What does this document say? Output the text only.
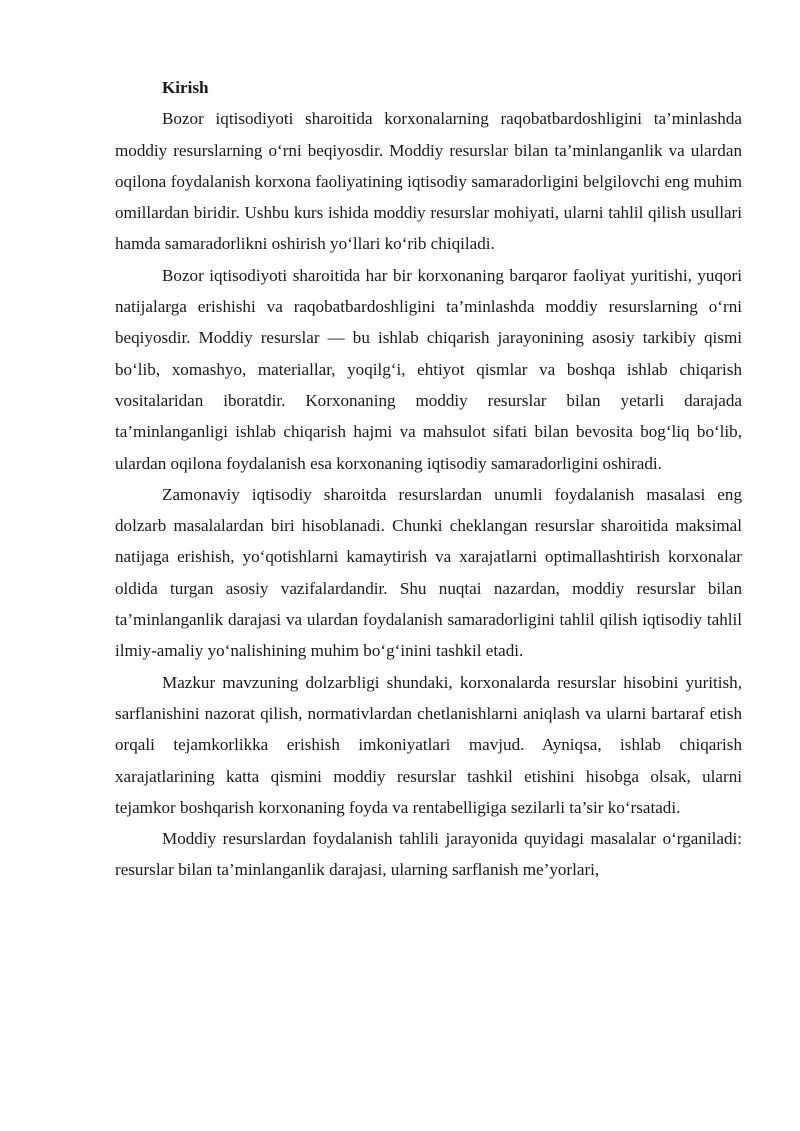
Kirish

Bozor iqtisodiyoti sharoitida korxonalarning raqobatbardoshligini ta’minlashda moddiy resurslarning o‘rni beqiyosdir. Moddiy resurslar bilan ta’minlanganlik va ulardan oqilona foydalanish korxona faoliyatining iqtisodiy samaradorligini belgilovchi eng muhim omillardan biridir. Ushbu kurs ishida moddiy resurslar mohiyati, ularni tahlil qilish usullari hamda samaradorlikni oshirish yo‘llari ko‘rib chiqiladi.

Bozor iqtisodiyoti sharoitida har bir korxonaning barqaror faoliyat yuritishi, yuqori natijalarga erishishi va raqobatbardoshligini ta’minlashda moddiy resurslarning o‘rni beqiyosdir. Moddiy resurslar — bu ishlab chiqarish jarayonining asosiy tarkibiy qismi bo‘lib, xomashyo, materiallar, yoqilg‘i, ehtiyot qismlar va boshqa ishlab chiqarish vositalaridan iboratdir. Korxonaning moddiy resurslar bilan yetarli darajada ta’minlanganligi ishlab chiqarish hajmi va mahsulot sifati bilan bevosita bog‘liq bo‘lib, ulardan oqilona foydalanish esa korxonaning iqtisodiy samaradorligini oshiradi.

Zamonaviy iqtisodiy sharoitda resurslardan unumli foydalanish masalasi eng dolzarb masalalardan biri hisoblanadi. Chunki cheklangan resurslar sharoitida maksimal natijaga erishish, yo‘qotishlarni kamaytirish va xarajatlarni optimallashtirish korxonalar oldida turgan asosiy vazifalardandir. Shu nuqtai nazardan, moddiy resurslar bilan ta’minlanganlik darajasi va ulardan foydalanish samaradorligini tahlil qilish iqtisodiy tahlil ilmiy-amaliy yo‘nalishining muhim bo‘g‘inini tashkil etadi.

Mazkur mavzuning dolzarbligi shundaki, korxonalarda resurslar hisobini yuritish, sarflanishini nazorat qilish, normativlardan chetlanishlarni aniqlash va ularni bartaraf etish orqali tejamkorlikka erishish imkoniyatlari mavjud. Ayniqsa, ishlab chiqarish xarajatlarining katta qismini moddiy resurslar tashkil etishini hisobga olsak, ularni tejamkor boshqarish korxonaning foyda va rentabelligiga sezilarli ta’sir ko‘rsatadi.

Moddiy resurslardan foydalanish tahlili jarayonida quyidagi masalalar o‘rganiladi: resurslar bilan ta’minlanganlik darajasi, ularning sarflanish me’yorlari,
